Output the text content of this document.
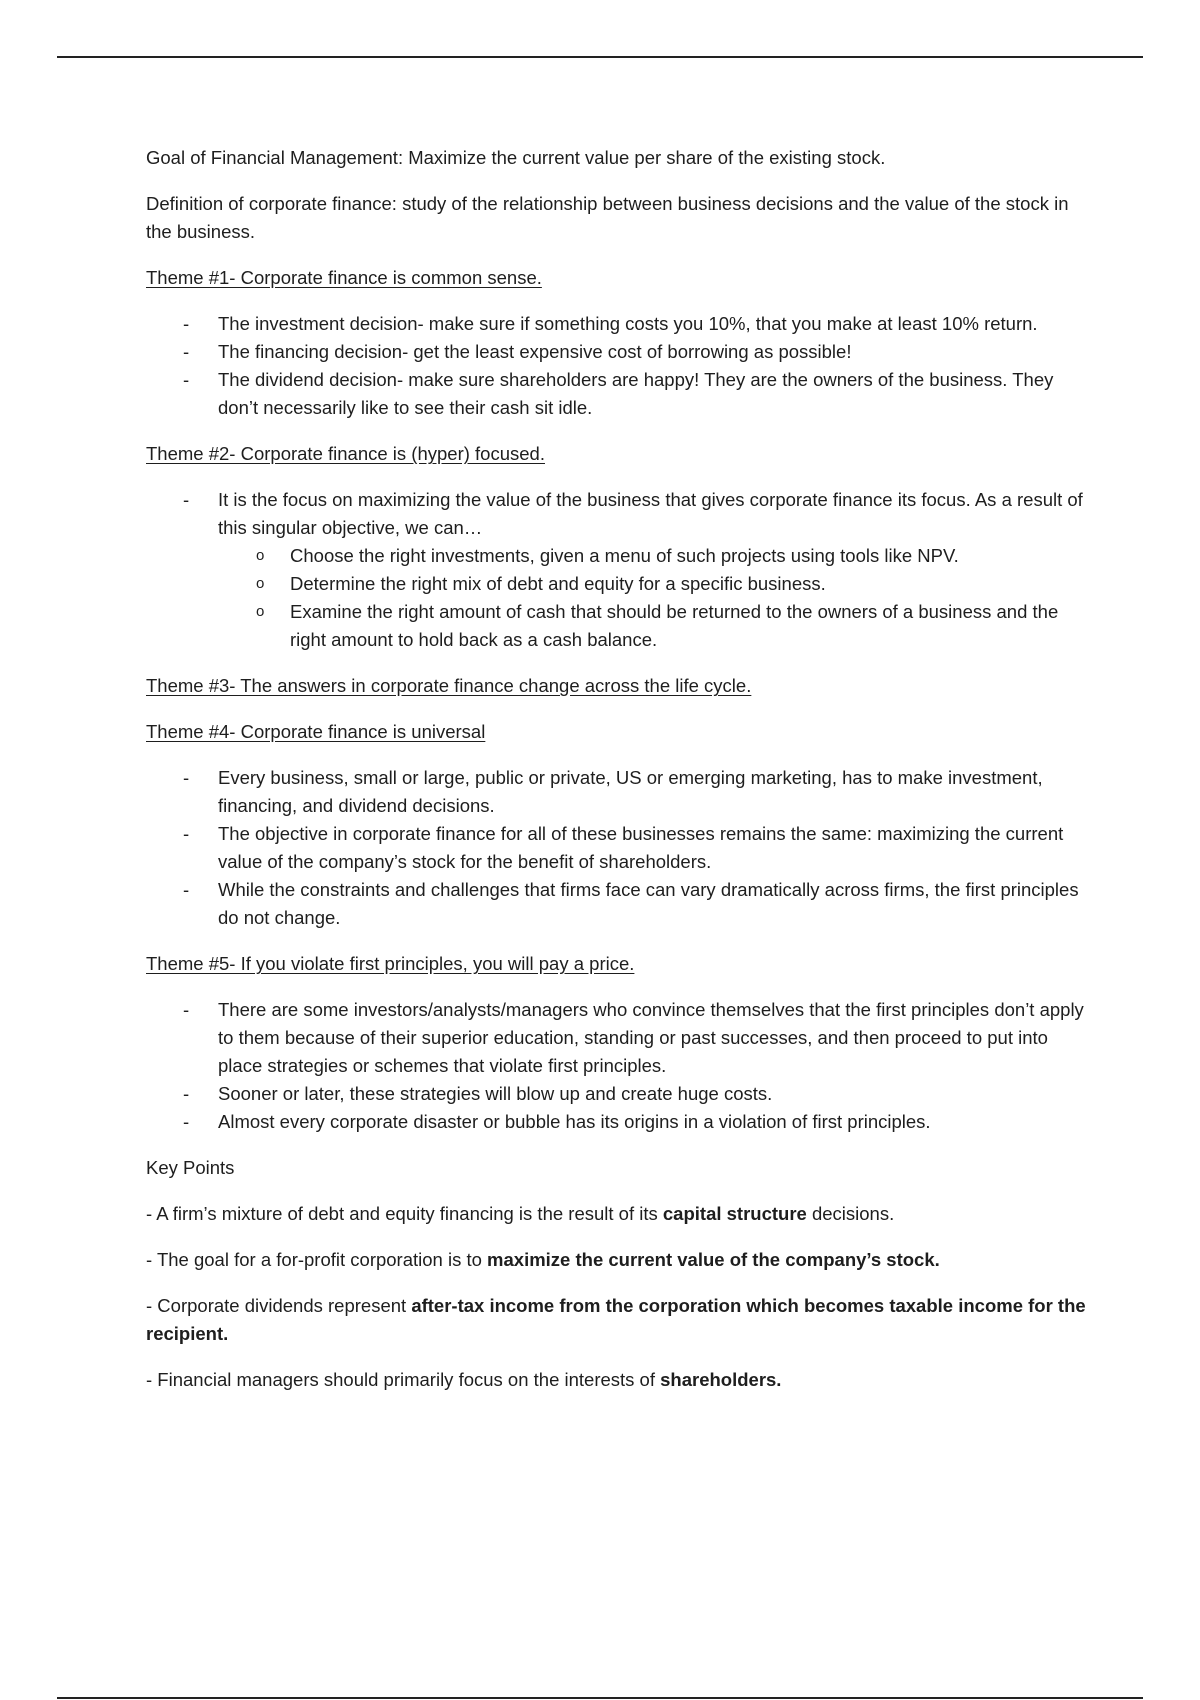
Goal of Financial Management: Maximize the current value per share of the existing stock.

Definition of corporate finance: study of the relationship between business decisions and the value of the stock in the business.

Theme #1- Corporate finance is common sense.

- The investment decision- make sure if something costs you 10%, that you make at least 10% return.
- The financing decision- get the least expensive cost of borrowing as possible!
- The dividend decision- make sure shareholders are happy! They are the owners of the business. They don’t necessarily like to see their cash sit idle.

Theme #2- Corporate finance is (hyper) focused.

- It is the focus on maximizing the value of the business that gives corporate finance its focus. As a result of this singular objective, we can…
o Choose the right investments, given a menu of such projects using tools like NPV.
o Determine the right mix of debt and equity for a specific business.
o Examine the right amount of cash that should be returned to the owners of a business and the right amount to hold back as a cash balance.

Theme #3- The answers in corporate finance change across the life cycle.

Theme #4- Corporate finance is universal

- Every business, small or large, public or private, US or emerging marketing, has to make investment, financing, and dividend decisions.
- The objective in corporate finance for all of these businesses remains the same: maximizing the current value of the company’s stock for the benefit of shareholders.
- While the constraints and challenges that firms face can vary dramatically across firms, the first principles do not change.

Theme #5- If you violate first principles, you will pay a price.

- There are some investors/analysts/managers who convince themselves that the first principles don’t apply to them because of their superior education, standing or past successes, and then proceed to put into place strategies or schemes that violate first principles.
- Sooner or later, these strategies will blow up and create huge costs.
- Almost every corporate disaster or bubble has its origins in a violation of first principles.

Key Points

- A firm’s mixture of debt and equity financing is the result of its capital structure decisions.

- The goal for a for-profit corporation is to maximize the current value of the company’s stock.

- Corporate dividends represent after-tax income from the corporation which becomes taxable income for the recipient.

- Financial managers should primarily focus on the interests of shareholders.
